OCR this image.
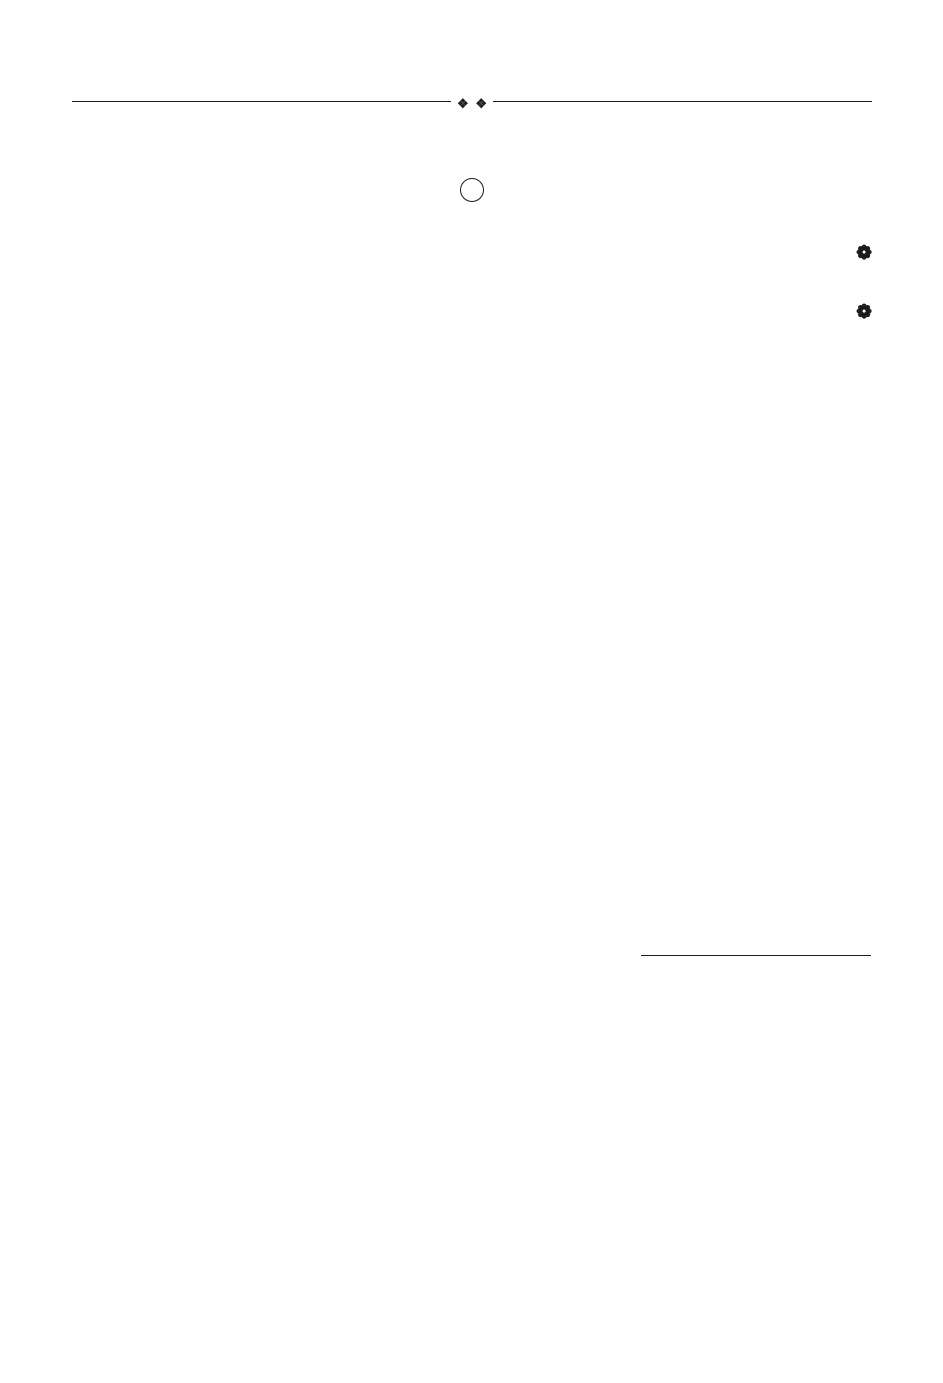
❖ ❖
❁
❁
